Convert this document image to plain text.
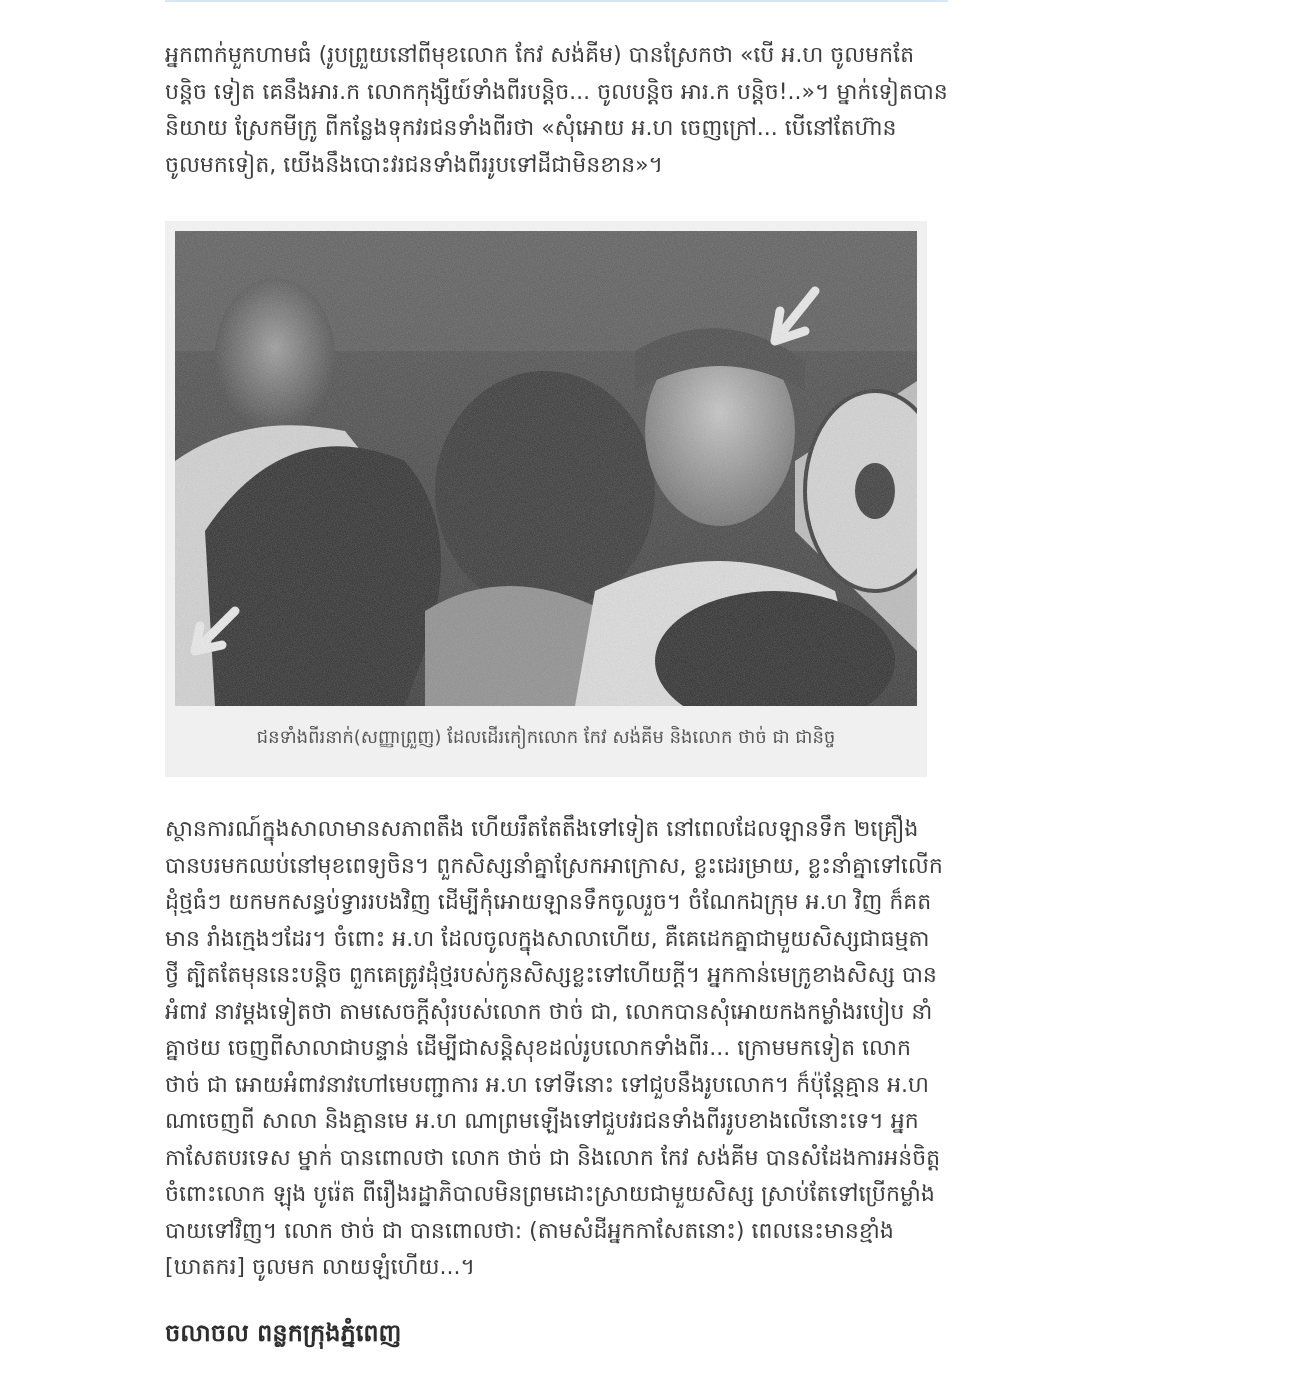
អ្នកពាក់មួកហាមធំ (រូបព្រួយនៅពីមុខលោក កែវ សង់គីម) បានស្រែកថា «បើ អ.ហ ចូលមកតែបន្តិច ទៀត គេនឹងអារ.ក លោកកុង្សីយ៍ទាំងពីរបន្តិច... ចូលបន្តិច អារ.ក បន្តិច!..»។ ម្នាក់ទៀតបាននិយាយ ស្រែកមីក្រូ ពីកន្លែងទុកវរជនទាំងពីរថា «សុំអោយ អ.ហ ចេញក្រៅ... បើនៅតែហ៊ានចូលមកទៀត, យើងនឹងបោះវរជនទាំងពីររូបទៅដីជាមិនខាន»។

ជនទាំងពីរនាក់(សញ្ញាព្រួញ) ដែលដើរកៀកលោក កែវ សង់គីម និងលោក ថាច់ ជា ជានិច្ច

ស្ថានការណ៍ក្នុងសាលាមានសភាពតឹង ហើយរឹតតែតឹងទៅទៀត នៅពេលដែលឡានទឹក ២គ្រឿង បានបរមកឈប់នៅមុខពេទ្យចិន។ ពួកសិស្សនាំគ្នាស្រែកអាក្រោស, ខ្លះដេរម្រាយ, ខ្លះនាំគ្នាទៅលើក ដុំថ្មធំៗ យកមកសន្ធប់ទ្វាររបងវិញ ដើម្បីកុំអោយឡានទឹកចូលរួច។ ចំណែកឯក្រុម អ.ហ វិញ ក៏គតមាន រាំងក្មេងៗដែរ។ ចំពោះ អ.ហ ដែលចូលក្នុងសាលាហើយ, គឺគេដេកគ្នាជាមួយសិស្សជាធម្មតា ថ្វី ត្បិតតែមុននេះបន្តិច ពួកគេត្រូវដុំថ្មរបស់កូនសិស្សខ្លះទៅហើយក្តី។ អ្នកកាន់មេក្រូខាងសិស្ស បានអំពាវ នាវម្តងទៀតថា តាមសេចក្តីសុំរបស់លោក ថាច់ ជា, លោកបានសុំអោយកងកម្លាំងរបៀប នាំគ្នាថយ ចេញពីសាលាជាបន្ទាន់ ដើម្បីជាសន្តិសុខដល់រូបលោកទាំងពីរ... ក្រោមមកទៀត លោក ថាច់ ជា អោយអំពាវនាវហៅមេបញ្ជាការ អ.ហ ទៅទីនោះ ទៅជួបនឹងរូបលោក។ ក៏ប៉ុន្តែគ្មាន អ.ហ ណាចេញពី សាលា និងគ្មានមេ អ.ហ ណាព្រមឡើងទៅជួបវរជនទាំងពីររូបខាងលើនោះទេ។ អ្នកកាសែតបរទេស ម្នាក់ បានពោលថា លោក ថាច់ ជា និងលោក កែវ សង់គីម បានសំដែងការអន់ចិត្ត ចំពោះលោក ឡុង បូរ៉េត ពីរឿងរដ្ឋាភិបាលមិនព្រមដោះស្រាយជាមួយសិស្ស ស្រាប់តែទៅប្រើកម្លាំងបាយទៅវិញ។ លោក ថាច់ ជា បានពោលថា: (តាមសំដីអ្នកកាសែតនោះ) ពេលនេះមានខ្មាំង [ឃាតករ] ចូលមក លាយឡំហើយ...។

ចលាចល ពន្លកក្រុងភ្នំពេញ
